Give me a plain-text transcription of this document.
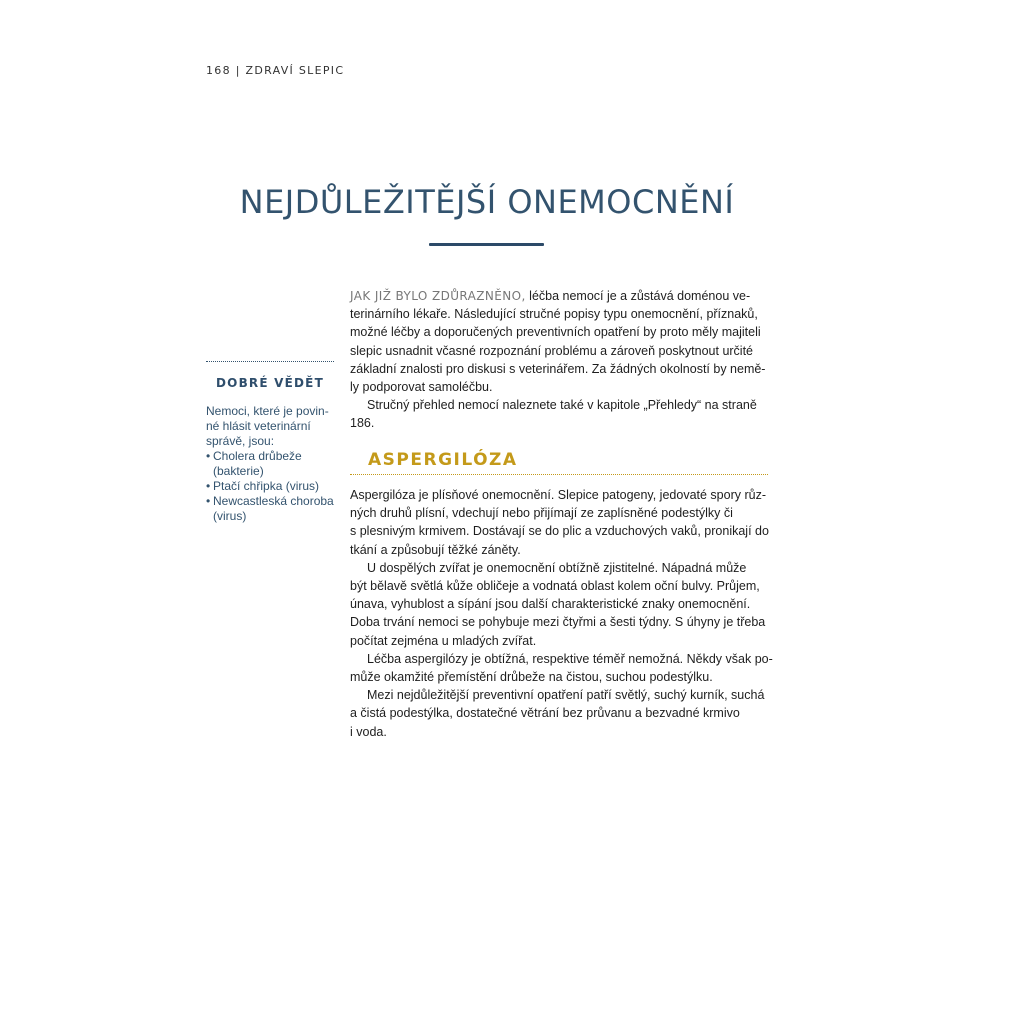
168 | ZDRAVÍ SLEPIC
NEJDŮLEŽITĚJŠÍ ONEMOCNĚNÍ
DOBRÉ VĚDĚT

Nemoci, které je povin-
né hlásit veterinární
správě, jsou:

• Cholera drůbeže
(bakterie)
• Ptačí chřipka (virus)
• Newcastleská choroba
(virus)

JAK JIŽ BYLO ZDŮRAZNĚNO, léčba nemocí je a zůstává doménou ve-
terinárního lékaře. Následující stručné popisy typu onemocnění, příznaků,
možné léčby a doporučených preventivních opatření by proto měly majiteli
slepic usnadnit včasné rozpoznání problému a zároveň poskytnout určité
základní znalosti pro diskusi s veterinářem. Za žádných okolností by nemě-
ly podporovat samoléčbu.

Stručný přehled nemocí naleznete také v kapitole „Přehledy“ na straně
186.

ASPERGILÓZA

Aspergilóza je plísňové onemocnění. Slepice patogeny, jedovaté spory růz-
ných druhů plísní, vdechují nebo přijímají ze zaplísněné podestýlky či
s plesnivým krmivem. Dostávají se do plic a vzduchových vaků, pronikají do
tkání a způsobují těžké záněty.

U dospělých zvířat je onemocnění obtížně zjistitelné. Nápadná může
být bělavě světlá kůže obličeje a vodnatá oblast kolem oční bulvy. Průjem,
únava, vyhublost a sípání jsou další charakteristické znaky onemocnění.
Doba trvání nemoci se pohybuje mezi čtyřmi a šesti týdny. S úhyny je třeba
počítat zejména u mladých zvířat.

Léčba aspergilózy je obtížná, respektive téměř nemožná. Někdy však po-
může okamžité přemístění drůbeže na čistou, suchou podestýlku.

Mezi nejdůležitější preventivní opatření patří světlý, suchý kurník, suchá
a čistá podestýlka, dostatečné větrání bez průvanu a bezvadné krmivo
i voda.
